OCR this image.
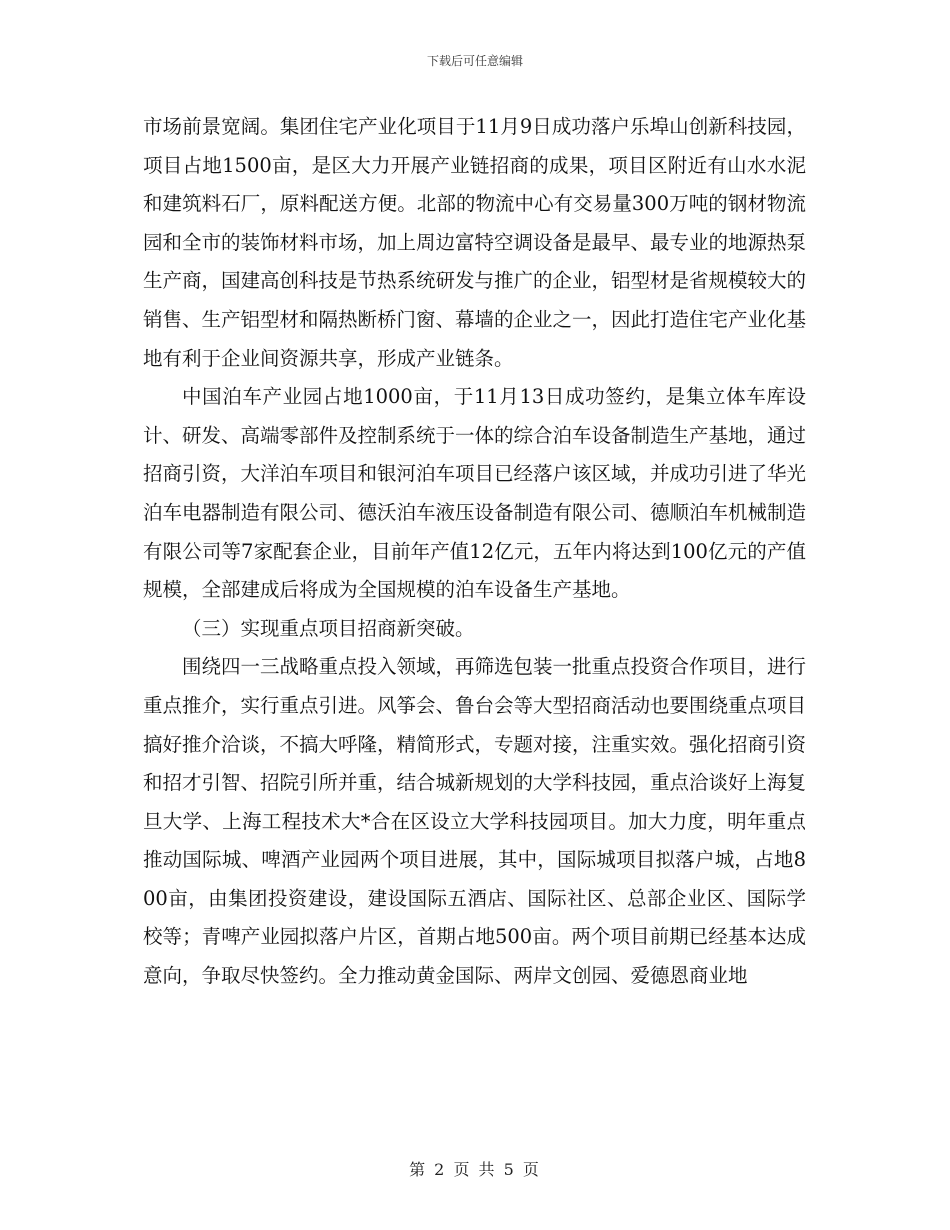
下载后可任意编辑

市场前景宽阔。集团住宅产业化项目于11月9日成功落户乐埠山创新科技园，项目占地1500亩，是区大力开展产业链招商的成果，项目区附近有山水水泥和建筑料石厂，原料配送方便。北部的物流中心有交易量300万吨的钢材物流园和全市的装饰材料市场，加上周边富特空调设备是最早、最专业的地源热泵生产商，国建高创科技是节热系统研发与推广的企业，铝型材是省规模较大的销售、生产铝型材和隔热断桥门窗、幕墙的企业之一，因此打造住宅产业化基地有利于企业间资源共享，形成产业链条。

中国泊车产业园占地1000亩，于11月13日成功签约，是集立体车库设计、研发、高端零部件及控制系统于一体的综合泊车设备制造生产基地，通过招商引资，大洋泊车项目和银河泊车项目已经落户该区域，并成功引进了华光泊车电器制造有限公司、德沃泊车液压设备制造有限公司、德顺泊车机械制造有限公司等7家配套企业，目前年产值12亿元，五年内将达到100亿元的产值规模，全部建成后将成为全国规模的泊车设备生产基地。

（三）实现重点项目招商新突破。

围绕四一三战略重点投入领域，再筛选包装一批重点投资合作项目，进行重点推介，实行重点引进。风筝会、鲁台会等大型招商活动也要围绕重点项目搞好推介洽谈，不搞大呼隆，精简形式，专题对接，注重实效。强化招商引资和招才引智、招院引所并重，结合城新规划的大学科技园，重点洽谈好上海复旦大学、上海工程技术大*合在区设立大学科技园项目。加大力度，明年重点推动国际城、啤酒产业园两个项目进展，其中，国际城项目拟落户城，占地800亩，由集团投资建设，建设国际五酒店、国际社区、总部企业区、国际学校等；青啤产业园拟落户片区，首期占地500亩。两个项目前期已经基本达成意向，争取尽快签约。全力推动黄金国际、两岸文创园、爱德恩商业地

第 2 页 共 5 页
